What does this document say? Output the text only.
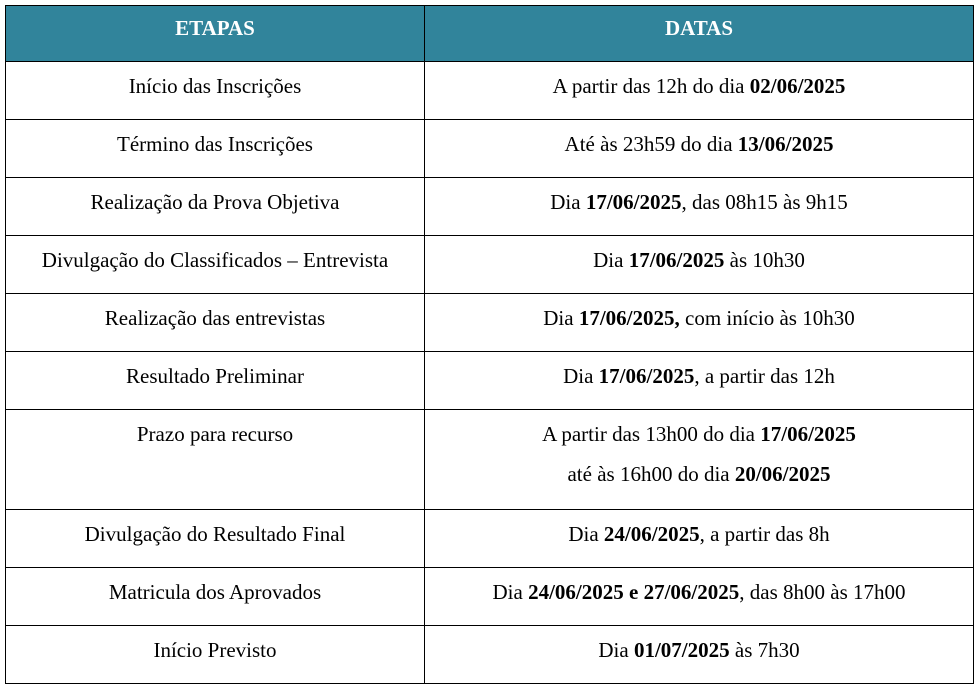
ETAPAS	DATAS

Início das Inscrições	A partir das 12h do dia 02/06/2025

Término das Inscrições	Até às 23h59 do dia 13/06/2025

Realização da Prova Objetiva	Dia 17/06/2025, das 08h15 às 9h15

Divulgação do Classificados – Entrevista	Dia 17/06/2025 às 10h30

Realização das entrevistas	Dia 17/06/2025, com início às 10h30

Resultado Preliminar	Dia 17/06/2025, a partir das 12h

Prazo para recurso	A partir das 13h00 do dia 17/06/2025
até às 16h00 do dia 20/06/2025

Divulgação do Resultado Final	Dia 24/06/2025, a partir das 8h

Matricula dos Aprovados	Dia 24/06/2025 e 27/06/2025, das 8h00 às 17h00

Início Previsto	Dia 01/07/2025 às 7h30
